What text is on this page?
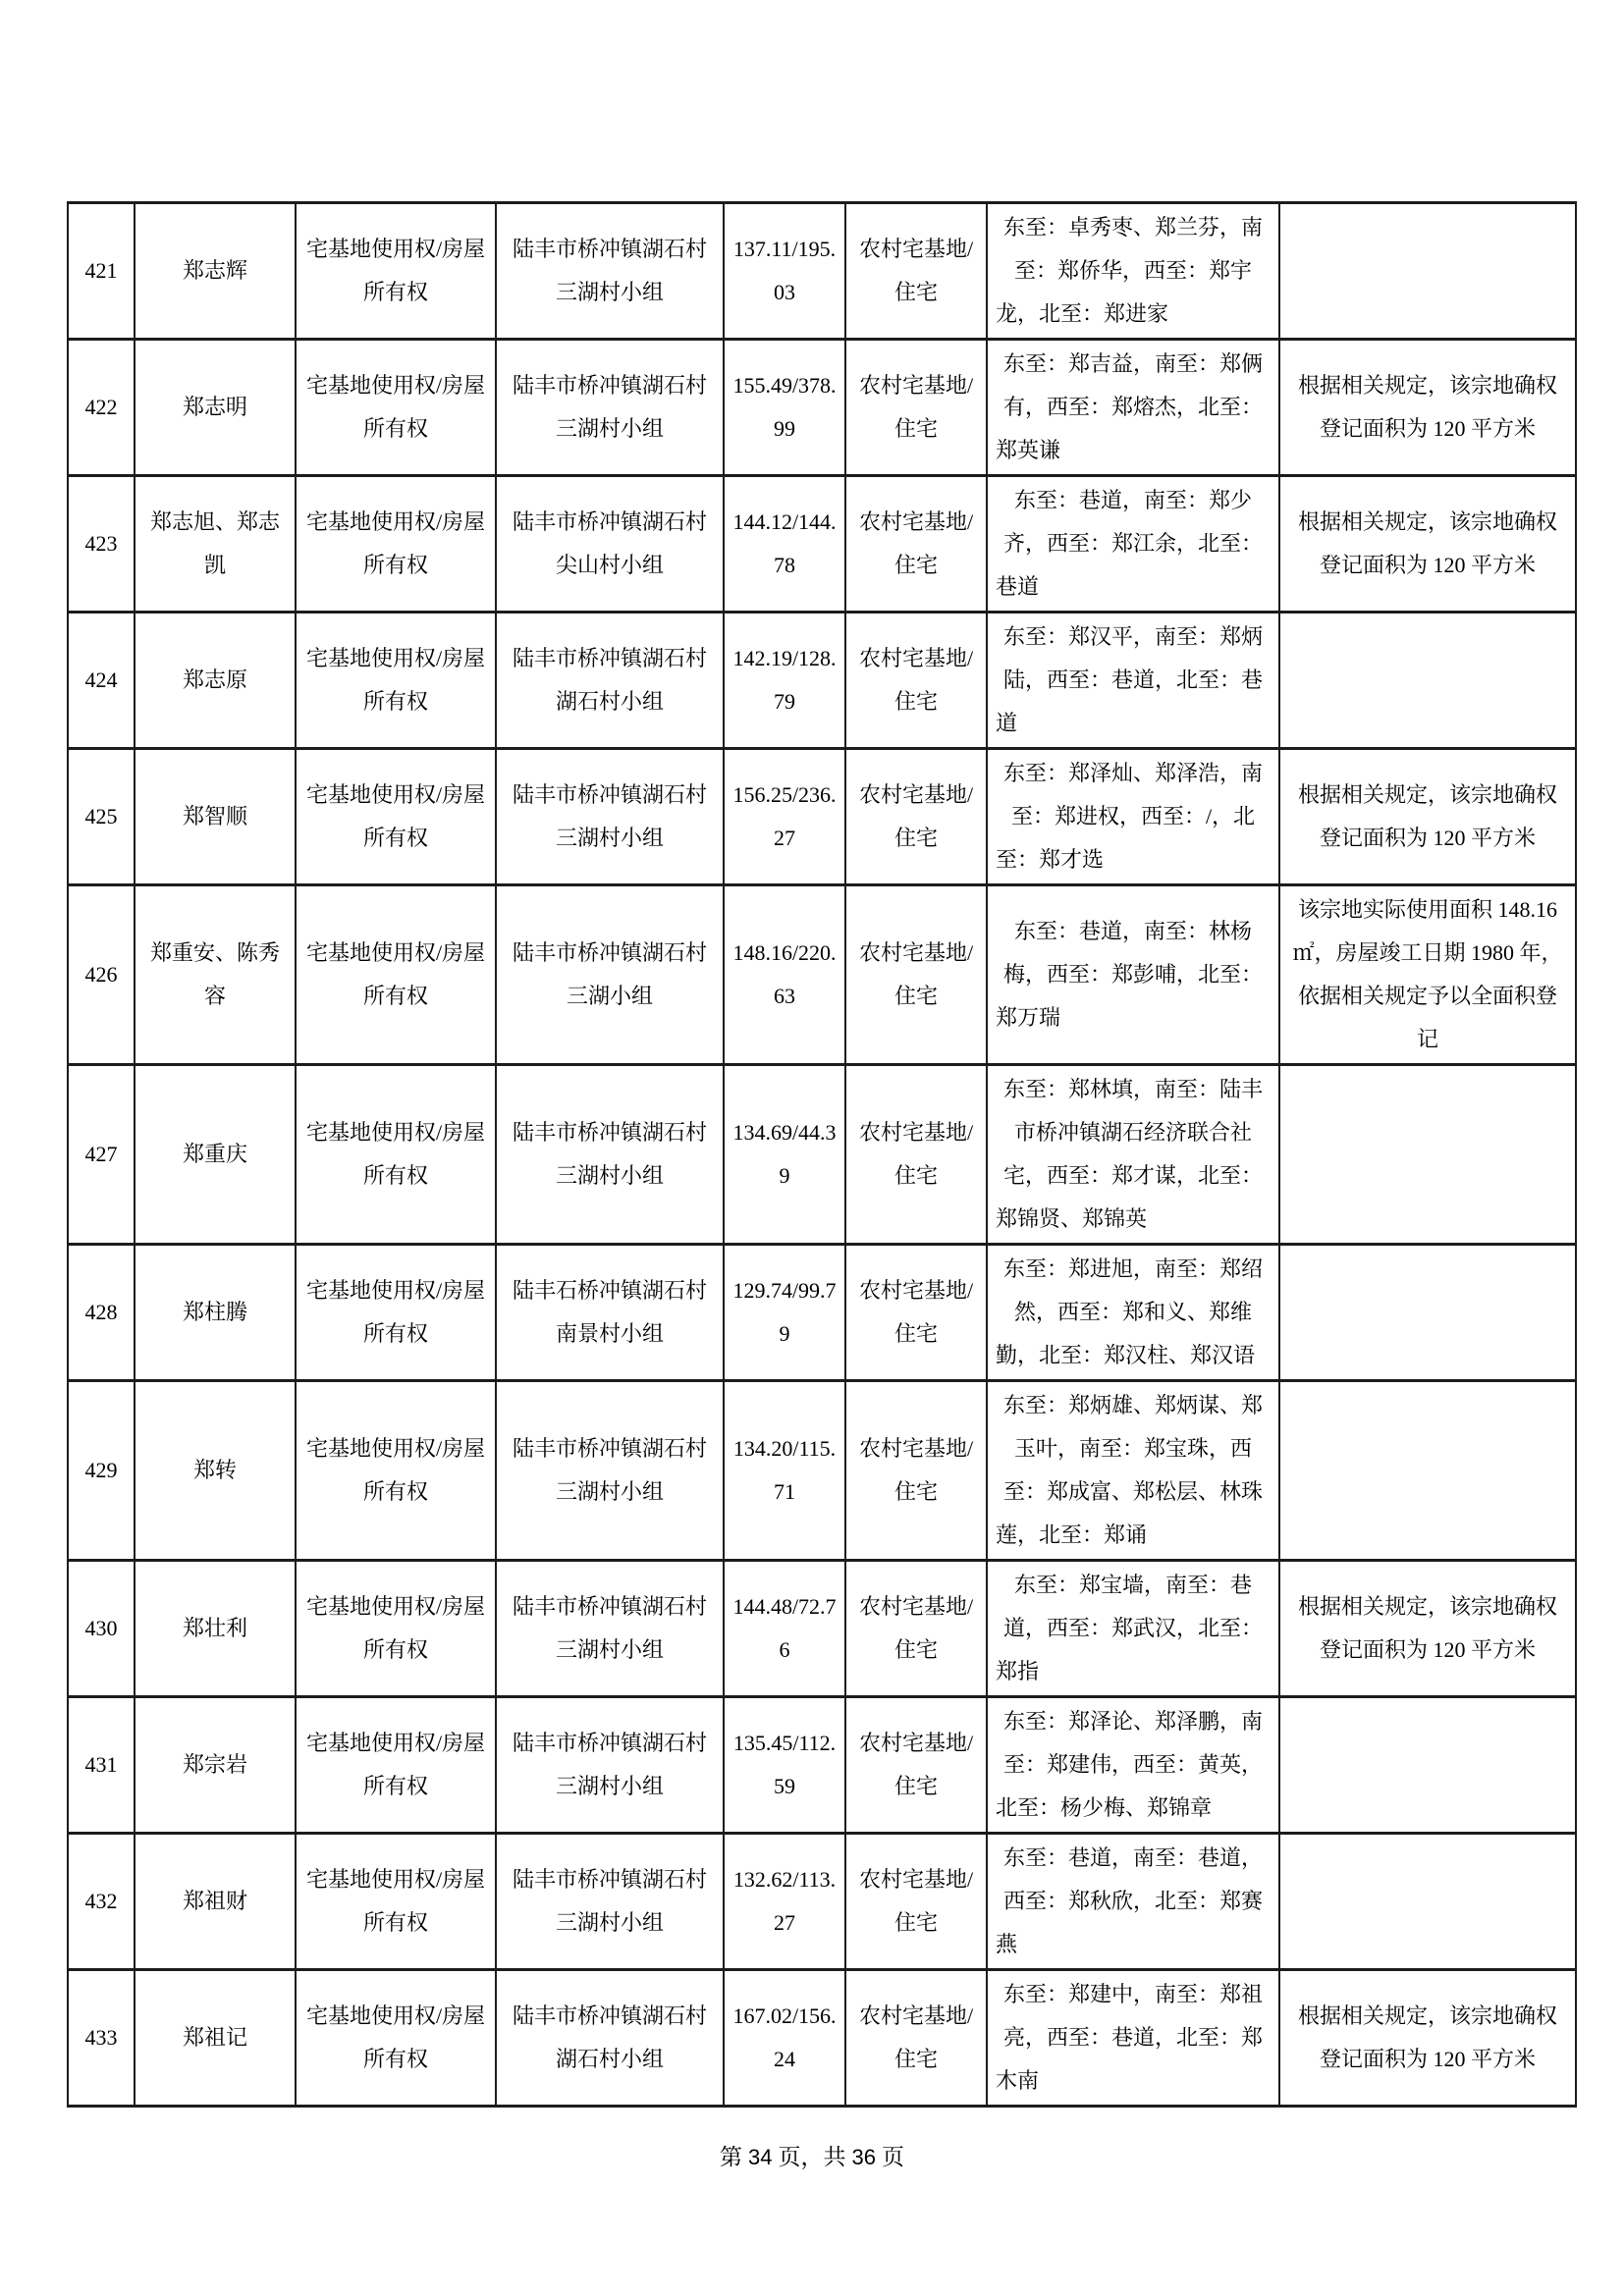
421	郑志辉	宅基地使用权/房屋所有权	陆丰市桥冲镇湖石村三湖村小组	137.11/195.03	农村宅基地/住宅	东至：卓秀枣、郑兰芬，南至：郑侨华，西至：郑宇龙，北至：郑进家	
422	郑志明	宅基地使用权/房屋所有权	陆丰市桥冲镇湖石村三湖村小组	155.49/378.99	农村宅基地/住宅	东至：郑吉益，南至：郑俩有，西至：郑熔杰，北至：郑英谦	根据相关规定，该宗地确权登记面积为 120 平方米
423	郑志旭、郑志凯	宅基地使用权/房屋所有权	陆丰市桥冲镇湖石村尖山村小组	144.12/144.78	农村宅基地/住宅	东至：巷道，南至：郑少齐，西至：郑江余，北至：巷道	根据相关规定，该宗地确权登记面积为 120 平方米
424	郑志原	宅基地使用权/房屋所有权	陆丰市桥冲镇湖石村湖石村小组	142.19/128.79	农村宅基地/住宅	东至：郑汉平，南至：郑炳陆，西至：巷道，北至：巷道	
425	郑智顺	宅基地使用权/房屋所有权	陆丰市桥冲镇湖石村三湖村小组	156.25/236.27	农村宅基地/住宅	东至：郑泽灿、郑泽浩，南至：郑进权，西至：/，北至：郑才选	根据相关规定，该宗地确权登记面积为 120 平方米
426	郑重安、陈秀容	宅基地使用权/房屋所有权	陆丰市桥冲镇湖石村三湖小组	148.16/220.63	农村宅基地/住宅	东至：巷道，南至：林杨梅，西至：郑彭哺，北至：郑万瑞	该宗地实际使用面积 148.16㎡，房屋竣工日期 1980 年，依据相关规定予以全面积登记
427	郑重庆	宅基地使用权/房屋所有权	陆丰市桥冲镇湖石村三湖村小组	134.69/44.39	农村宅基地/住宅	东至：郑林填，南至：陆丰市桥冲镇湖石经济联合社宅，西至：郑才谋，北至：郑锦贤、郑锦英	
428	郑柱腾	宅基地使用权/房屋所有权	陆丰石桥冲镇湖石村南景村小组	129.74/99.79	农村宅基地/住宅	东至：郑进旭，南至：郑绍然，西至：郑和义、郑维勤，北至：郑汉柱、郑汉语	
429	郑转	宅基地使用权/房屋所有权	陆丰市桥冲镇湖石村三湖村小组	134.20/115.71	农村宅基地/住宅	东至：郑炳雄、郑炳谋、郑玉叶，南至：郑宝珠，西至：郑成富、郑松层、林珠莲，北至：郑诵	
430	郑壮利	宅基地使用权/房屋所有权	陆丰市桥冲镇湖石村三湖村小组	144.48/72.76	农村宅基地/住宅	东至：郑宝墙，南至：巷道，西至：郑武汉，北至：郑指	根据相关规定，该宗地确权登记面积为 120 平方米
431	郑宗岩	宅基地使用权/房屋所有权	陆丰市桥冲镇湖石村三湖村小组	135.45/112.59	农村宅基地/住宅	东至：郑泽论、郑泽鹏，南至：郑建伟，西至：黄英，北至：杨少梅、郑锦章	
432	郑祖财	宅基地使用权/房屋所有权	陆丰市桥冲镇湖石村三湖村小组	132.62/113.27	农村宅基地/住宅	东至：巷道，南至：巷道，西至：郑秋欣，北至：郑赛燕	
433	郑祖记	宅基地使用权/房屋所有权	陆丰市桥冲镇湖石村湖石村小组	167.02/156.24	农村宅基地/住宅	东至：郑建中，南至：郑祖亮，西至：巷道，北至：郑木南	根据相关规定，该宗地确权登记面积为 120 平方米
第 34 页，共 36 页
